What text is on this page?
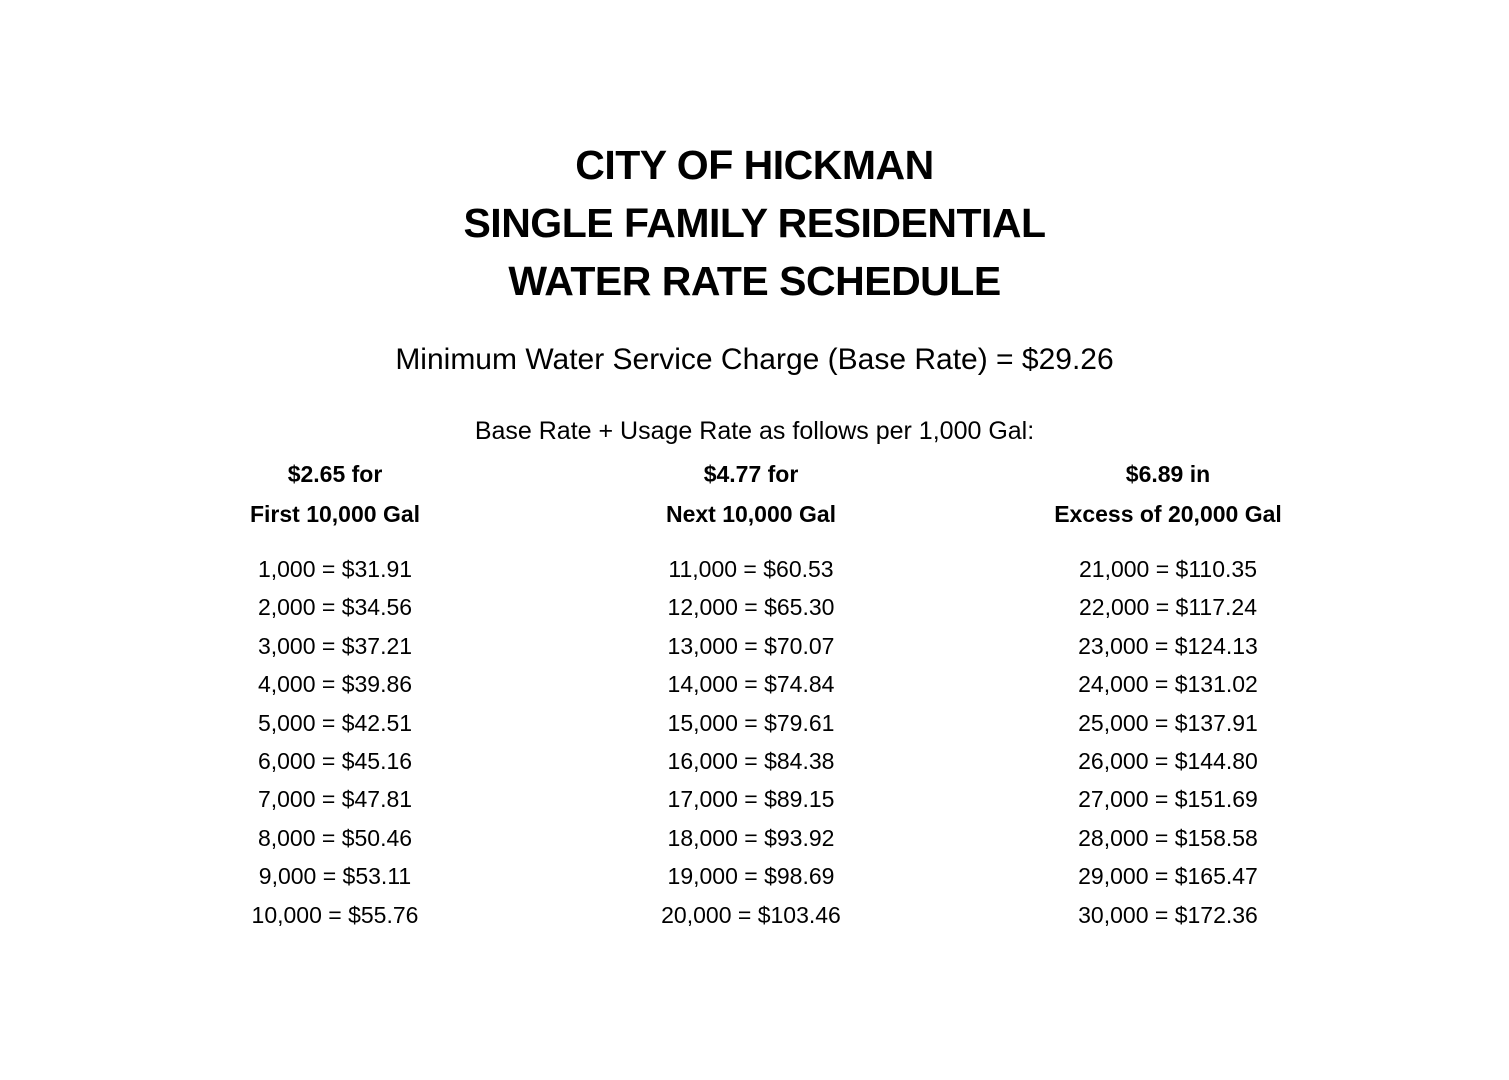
CITY OF HICKMAN
SINGLE FAMILY RESIDENTIAL
WATER RATE SCHEDULE
Minimum Water Service Charge (Base Rate) = $29.26
Base Rate + Usage Rate as follows per 1,000 Gal:
$2.65 for
First 10,000 Gal
1,000 = $31.91
2,000 = $34.56
3,000 = $37.21
4,000 = $39.86
5,000 = $42.51
6,000 = $45.16
7,000 = $47.81
8,000 = $50.46
9,000 = $53.11
10,000 = $55.76
$4.77 for
Next 10,000 Gal
11,000 = $60.53
12,000 = $65.30
13,000 = $70.07
14,000 = $74.84
15,000 = $79.61
16,000 = $84.38
17,000 = $89.15
18,000 = $93.92
19,000 = $98.69
20,000 = $103.46
$6.89 in
Excess of 20,000 Gal
21,000 = $110.35
22,000 = $117.24
23,000 = $124.13
24,000 = $131.02
25,000 = $137.91
26,000 = $144.80
27,000 = $151.69
28,000 = $158.58
29,000 = $165.47
30,000 = $172.36
